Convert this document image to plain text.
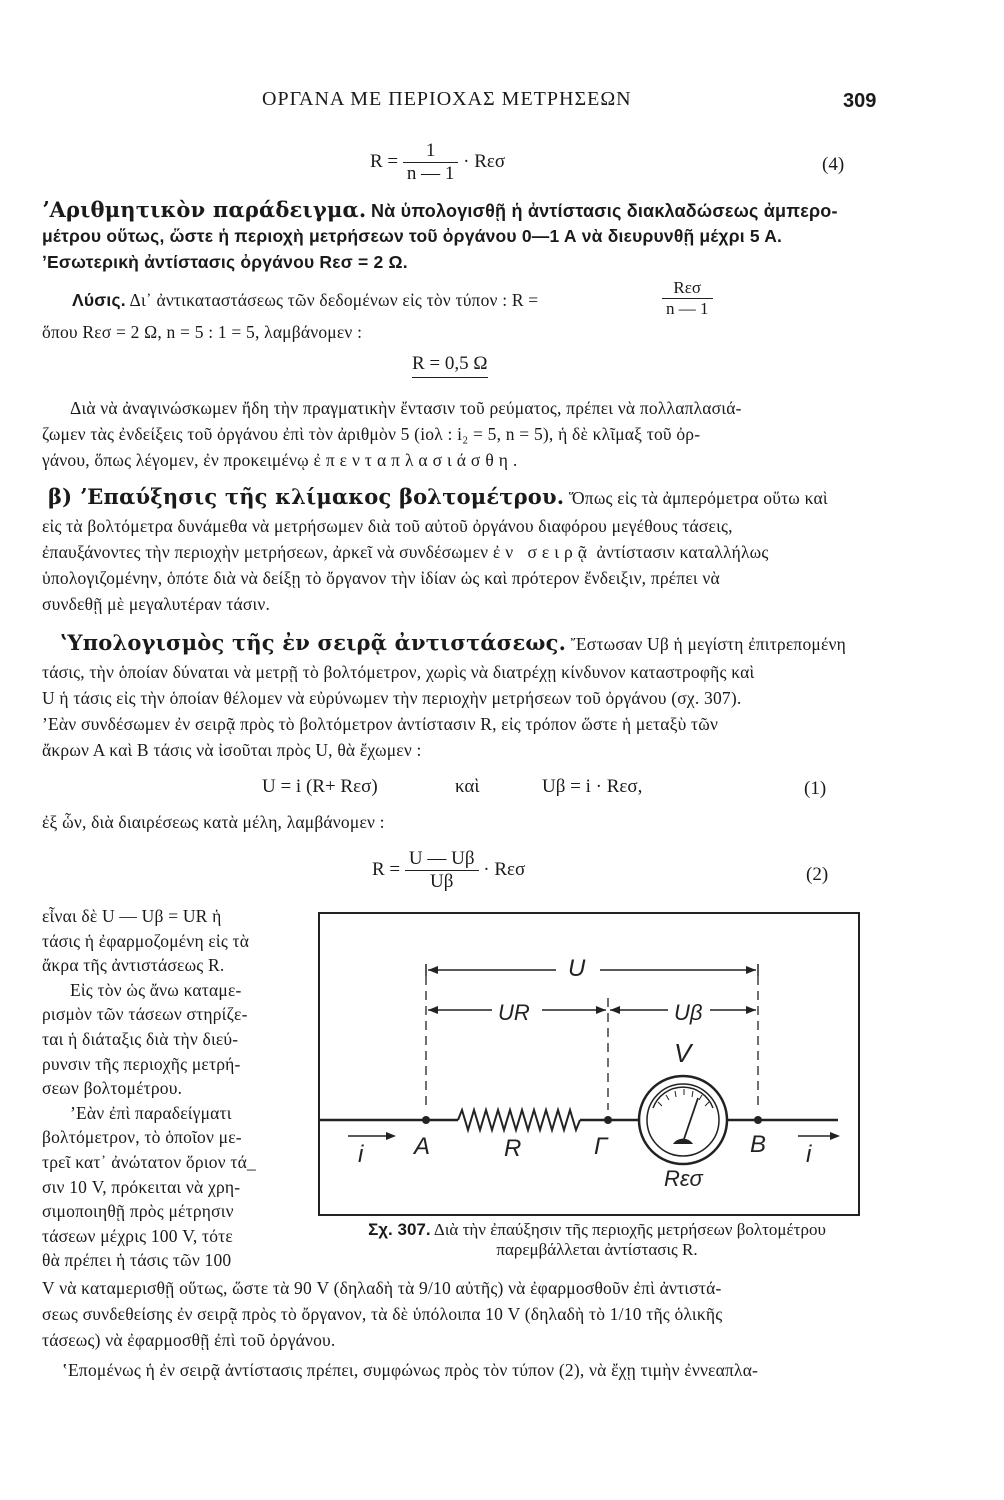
ΟΡΓΑΝΑ ΜΕ ΠΕΡΙΟΧΑΣ ΜΕΤΡΗΣΕΩΝ	309
$R = \frac{1}{n — 1} \cdot R\varepsilon\sigma$	(4)
ʼΑριθμητικὸν παράδειγμα. Νὰ ὑπολογισθῇ ἡ ἀντίστασις διακλαδώσεως ἀμπερο-
μέτρου οὕτως, ὥστε ἡ περιοχὴ μετρήσεων τοῦ ὀργάνου 0—1 Α νὰ διευρυνθῇ μέχρι 5 Α.
ʼΕσωτερικὴ ἀντίστασις ὀργάνου Rεσ = 2 Ω.
Λύσις. Δι᾽ ἀντικαταστάσεως τῶν δεδομένων εἰς τὸν τύπον : R =	$\frac{\text{Rεσ}}{n — 1}$
ὅπου Rεσ = 2 Ω, n = 5 : 1 = 5, λαμβάνομεν :
R = 0,5 Ω
Διὰ νὰ ἀναγινώσκωμεν ἤδη τὴν πραγματικὴν ἔντασιν τοῦ ρεύματος, πρέπει νὰ πολλαπλασιά-
ζωμεν τὰς ἐνδείξεις τοῦ ὀργάνου ἐπὶ τὸν ἀριθμὸν 5 (iολ : i₂ = 5, n = 5), ἡ δὲ κλῖμαξ τοῦ ὀρ-
γάνου, ὅπως λέγομεν, ἐν προκειμένῳ ἐπενταπλασιάσθη.
β) ʼΕπαύξησις τῆς κλίμακος βολτομέτρου. Ὅπως εἰς τὰ ἀμπερόμετρα οὕτω καὶ
εἰς τὰ βολτόμετρα δυνάμεθα νὰ μετρήσωμεν διὰ τοῦ αὐτοῦ ὀργάνου διαφόρου μεγέθους τάσεις,
ἐπαυξάνοντες τὴν περιοχὴν μετρήσεων, ἀρκεῖ νὰ συνδέσωμεν ἐν σειρᾷ ἀντίστασιν καταλλήλως
ὑπολογιζομένην, ὁπότε διὰ νὰ δείξῃ τὸ ὄργανον τὴν ἰδίαν ὡς καὶ πρότερον ἔνδειξιν, πρέπει νὰ
συνδεθῇ μὲ μεγαλυτέραν τάσιν.
ʽΥπολογισμὸς τῆς ἐν σειρᾷ ἀντιστάσεως. Ἔστωσαν Uβ ἡ μεγίστη ἐπιτρεπομένη
τάσις, τὴν ὁποίαν δύναται νὰ μετρῇ τὸ βολτόμετρον, χωρὶς νὰ διατρέχῃ κίνδυνον καταστροφῆς καὶ
U ἡ τάσις εἰς τὴν ὁποίαν θέλομεν νὰ εὐρύνωμεν τὴν περιοχὴν μετρήσεων τοῦ ὀργάνου (σχ. 307).
ʼΕὰν συνδέσωμεν ἐν σειρᾷ πρὸς τὸ βολτόμετρον ἀντίστασιν R, εἰς τρόπον ὥστε ἡ μεταξὺ τῶν
ἄκρων Α καὶ Β τάσις νὰ ἰσοῦται πρὸς U, θὰ ἔχωμεν :
U = i (R+ Rεσ)	καὶ	Uβ = i · Rεσ,	(1)
ἐξ ὧν, διὰ διαιρέσεως κατὰ μέλη, λαμβάνομεν :
$R = \frac{U — U\beta}{U\beta} \cdot R\varepsilon\sigma$	(2)
εἶναι δὲ U — Uβ = UR ἡ
τάσις ἡ ἐφαρμοζομένη εἰς τὰ
ἄκρα τῆς ἀντιστάσεως R.
Εἰς τὸν ὡς ἄνω καταμε-
ρισμὸν τῶν τάσεων στηρίζε-
ται ἡ διάταξις διὰ τὴν διεύ-
ρυνσιν τῆς περιοχῆς μετρή-
σεων βολτομέτρου.
ʼΕὰν ἐπὶ παραδείγματι
βολτόμετρον, τὸ ὁποῖον με-
τρεῖ κατ᾽ ἀνώτατον ὅριον τά_
σιν 10 V, πρόκειται νὰ χρη-
σιμοποιηθῇ πρὸς μέτρησιν
τάσεων μέχρις 100 V, τότε
θὰ πρέπει ἡ τάσις τῶν 100
U
UR	Uβ
V
i A	R	Γ	B i
Rεσ
Σχ. 307. Διὰ τὴν ἐπαύξησιν τῆς περιοχῆς μετρήσεων βολτομέτρου
παρεμβάλλεται ἀντίστασις R.
V νὰ καταμερισθῇ οὕτως, ὥστε τὰ 90 V (δηλαδὴ τὰ 9/10 αὐτῆς) νὰ ἐφαρμοσθοῦν ἐπὶ ἀντιστά-
σεως συνδεθείσης ἐν σειρᾷ πρὸς τὸ ὄργανον, τὰ δὲ ὑπόλοιπα 10 V (δηλαδὴ τὸ 1/10 τῆς ὁλικῆς
τάσεως) νὰ ἐφαρμοσθῇ ἐπὶ τοῦ ὀργάνου.
ʽΕπομένως ἡ ἐν σειρᾷ ἀντίστασις πρέπει, συμφώνως πρὸς τὸν τύπον (2), νὰ ἔχῃ τιμὴν ἐννεαπλα-
